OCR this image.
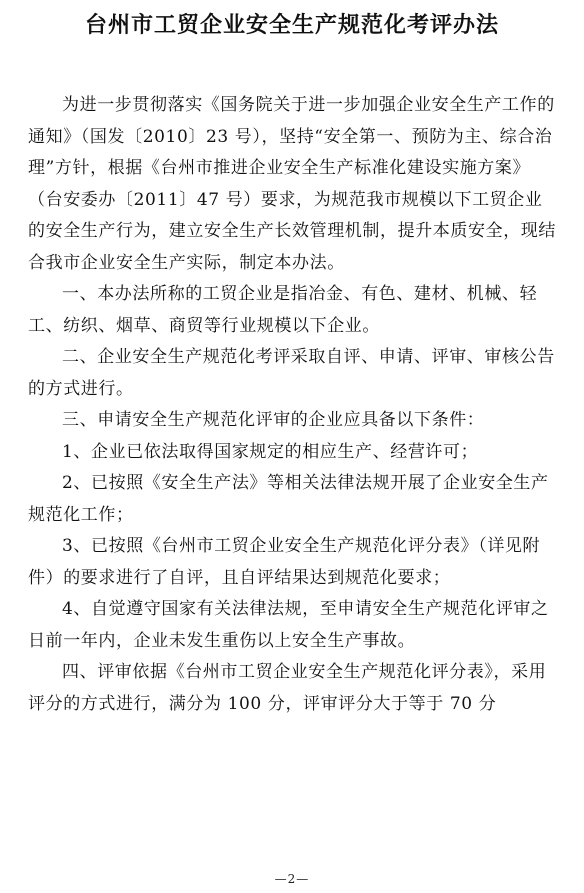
台州市工贸企业安全生产规范化考评办法

为进一步贯彻落实《国务院关于进一步加强企业安全生产工作的通知》（国发〔2010〕23 号），坚持“安全第一、预防为主、综合治理”方针，根据《台州市推进企业安全生产标准化建设实施方案》（台安委办〔2011〕47 号）要求，为规范我市规模以下工贸企业的安全生产行为，建立安全生产长效管理机制，提升本质安全，现结合我市企业安全生产实际，制定本办法。

一、本办法所称的工贸企业是指冶金、有色、建材、机械、轻工、纺织、烟草、商贸等行业规模以下企业。

二、企业安全生产规范化考评采取自评、申请、评审、审核公告的方式进行。

三、申请安全生产规范化评审的企业应具备以下条件：

1、企业已依法取得国家规定的相应生产、经营许可；

2、已按照《安全生产法》等相关法律法规开展了企业安全生产规范化工作；

3、已按照《台州市工贸企业安全生产规范化评分表》（详见附件）的要求进行了自评，且自评结果达到规范化要求；

4、自觉遵守国家有关法律法规，至申请安全生产规范化评审之日前一年内，企业未发生重伤以上安全生产事故。

四、评审依据《台州市工贸企业安全生产规范化评分表》，采用评分的方式进行，满分为 100 分，评审评分大于等于 70 分

—2—
